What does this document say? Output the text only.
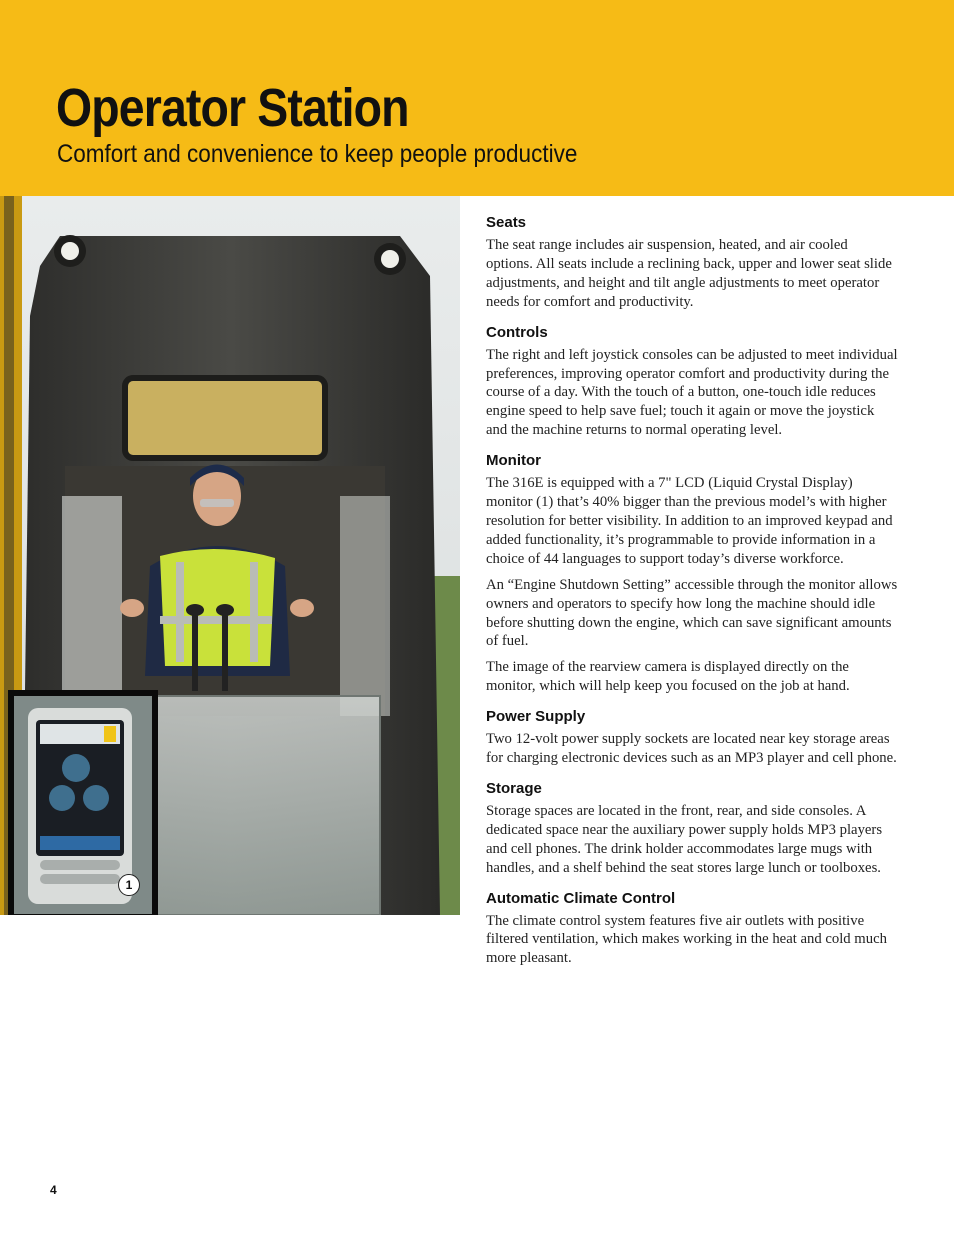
Operator Station
Comfort and convenience to keep people productive
1
Seats

The seat range includes air suspension, heated, and air cooled options. All seats include a reclining back, upper and lower seat slide adjustments, and height and tilt angle adjustments to meet operator needs for comfort and productivity.

Controls

The right and left joystick consoles can be adjusted to meet individual preferences, improving operator comfort and productivity during the course of a day. With the touch of a button, one-touch idle reduces engine speed to help save fuel; touch it again or move the joystick and the machine returns to normal operating level.

Monitor

The 316E is equipped with a 7" LCD (Liquid Crystal Display) monitor (1) that’s 40% bigger than the previous model’s with higher resolution for better visibility. In addition to an improved keypad and added functionality, it’s programmable to provide information in a choice of 44 languages to support today’s diverse workforce.

An “Engine Shutdown Setting” accessible through the monitor allows owners and operators to specify how long the machine should idle before shutting down the engine, which can save significant amounts of fuel.

The image of the rearview camera is displayed directly on the monitor, which will help keep you focused on the job at hand.

Power Supply

Two 12-volt power supply sockets are located near key storage areas for charging electronic devices such as an MP3 player and cell phone.

Storage

Storage spaces are located in the front, rear, and side consoles. A dedicated space near the auxiliary power supply holds MP3 players and cell phones. The drink holder accommodates large mugs with handles, and a shelf behind the seat stores large lunch or toolboxes.

Automatic Climate Control

The climate control system features five air outlets with positive filtered ventilation, which makes working in the heat and cold much more pleasant.

4
